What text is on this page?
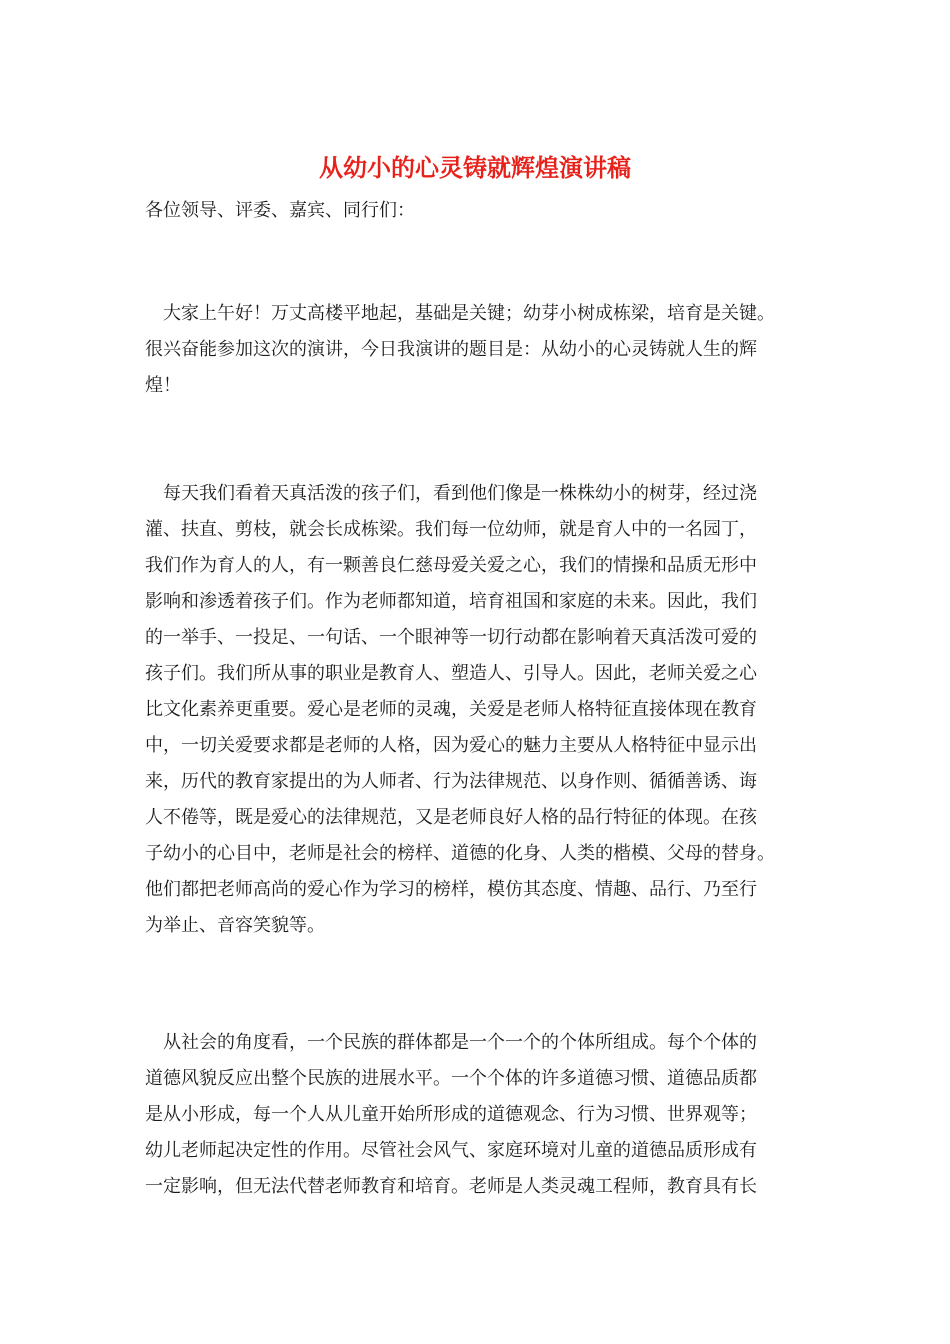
从幼小的心灵铸就辉煌演讲稿

各位领导、评委、嘉宾、同行们：

　大家上午好！万丈高楼平地起，基础是关键；幼芽小树成栋梁，培育是关键。
很兴奋能参加这次的演讲，今日我演讲的题目是：从幼小的心灵铸就人生的辉
煌！
　每天我们看着天真活泼的孩子们，看到他们像是一株株幼小的树芽，经过浇
灌、扶直、剪枝，就会长成栋梁。我们每一位幼师，就是育人中的一名园丁，
我们作为育人的人，有一颗善良仁慈母爱关爱之心，我们的情操和品质无形中
影响和渗透着孩子们。作为老师都知道，培育祖国和家庭的未来。因此，我们
的一举手、一投足、一句话、一个眼神等一切行动都在影响着天真活泼可爱的
孩子们。我们所从事的职业是教育人、塑造人、引导人。因此，老师关爱之心
比文化素养更重要。爱心是老师的灵魂，关爱是老师人格特征直接体现在教育
中，一切关爱要求都是老师的人格，因为爱心的魅力主要从人格特征中显示出
来，历代的教育家提出的为人师者、行为法律规范、以身作则、循循善诱、诲
人不倦等，既是爱心的法律规范，又是老师良好人格的品行特征的体现。在孩
子幼小的心目中，老师是社会的榜样、道德的化身、人类的楷模、父母的替身。
他们都把老师高尚的爱心作为学习的榜样，模仿其态度、情趣、品行、乃至行
为举止、音容笑貌等。
　从社会的角度看，一个民族的群体都是一个一个的个体所组成。每个个体的
道德风貌反应出整个民族的进展水平。一个个体的许多道德习惯、道德品质都
是从小形成，每一个人从儿童开始所形成的道德观念、行为习惯、世界观等；
幼儿老师起决定性的作用。尽管社会风气、家庭环境对儿童的道德品质形成有
一定影响，但无法代替老师教育和培育。老师是人类灵魂工程师，教育具有长
